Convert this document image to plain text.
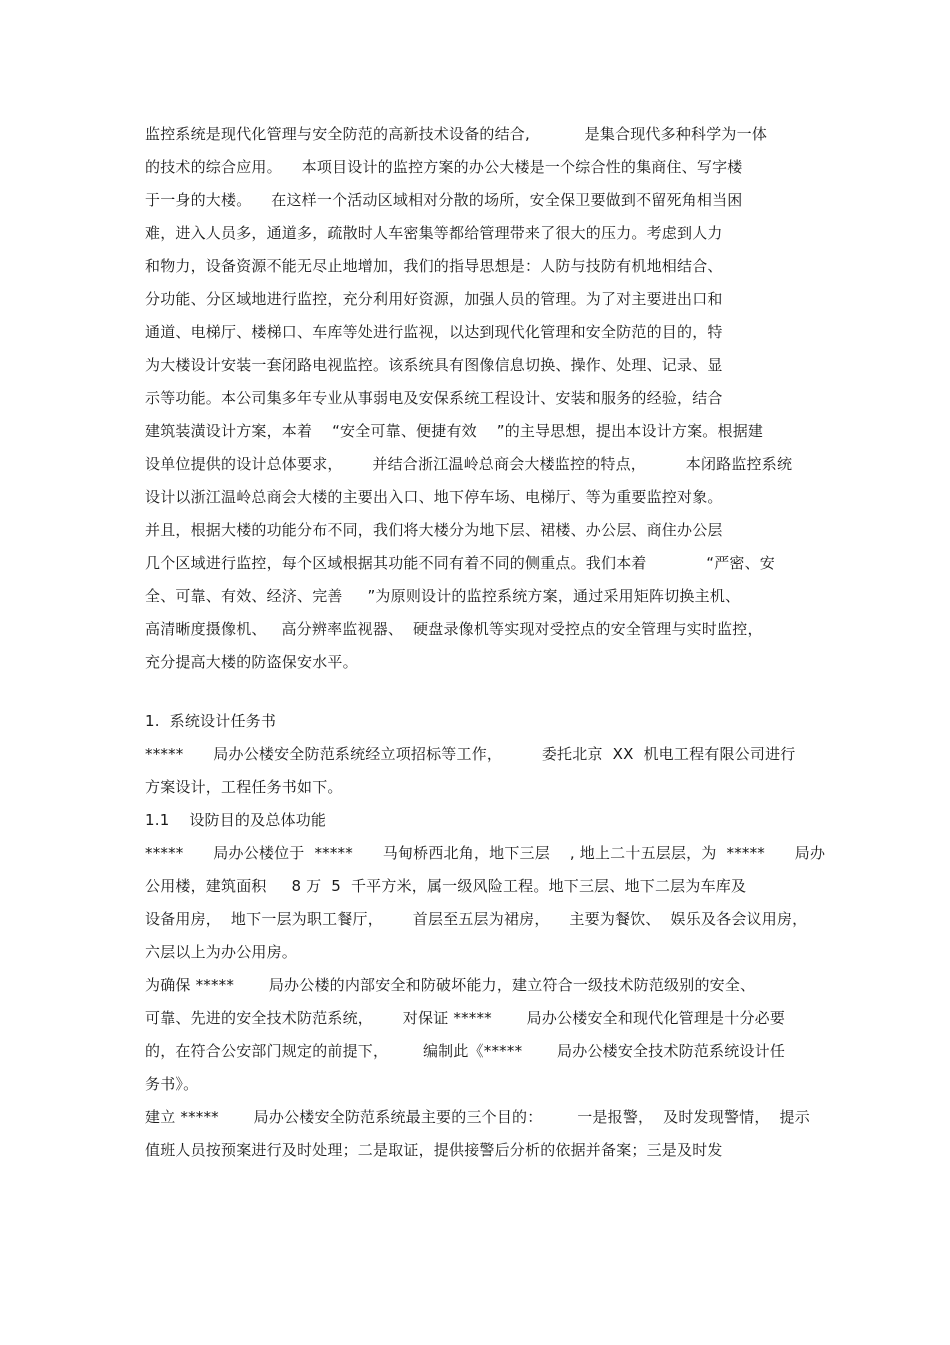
监控系统是现代化管理与安全防范的高新技术设备的结合,           是集合现代多种科学为一体
的技术的综合应用。    本项目设计的监控方案的办公大楼是一个综合性的集商住、写字楼
于一身的大楼。    在这样一个活动区域相对分散的场所，安全保卫要做到不留死角相当困
难，进入人员多，通道多，疏散时人车密集等都给管理带来了很大的压力。考虑到人力
和物力，设备资源不能无尽止地增加，我们的指导思想是：人防与技防有机地相结合、
分功能、分区域地进行监控，充分利用好资源，加强人员的管理。为了对主要进出口和
通道、电梯厅、楼梯口、车库等处进行监视，以达到现代化管理和安全防范的目的，特
为大楼设计安装一套闭路电视监控。该系统具有图像信息切换、操作、处理、记录、显
示等功能。本公司集多年专业从事弱电及安保系统工程设计、安装和服务的经验，结合
建筑装潢设计方案，本着    “安全可靠、便捷有效    ”的主导思想，提出本设计方案。根据建
设单位提供的设计总体要求，      并结合浙江温岭总商会大楼监控的特点，        本闭路监控系统
设计以浙江温岭总商会大楼的主要出入口、地下停车场、电梯厅、等为重要监控对象。
并且，根据大楼的功能分布不同，我们将大楼分为地下层、裙楼、办公层、商住办公层
几个区域进行监控，每个区域根据其功能不同有着不同的侧重点。我们本着            “严密、安
全、可靠、有效、经济、完善     ”为原则设计的监控系统方案，通过采用矩阵切换主机、
高清晰度摄像机、   高分辨率监视器、  硬盘录像机等实现对受控点的安全管理与实时监控，
充分提高大楼的防盗保安水平。
1.  系统设计任务书
*****      局办公楼安全防范系统经立项招标等工作，        委托北京  XX  机电工程有限公司进行
方案设计，工程任务书如下。
1.1    设防目的及总体功能
*****      局办公楼位于  *****      马甸桥西北角，地下三层    , 地上二十五层层，为  *****      局办
公用楼，建筑面积     8 万  5  千平方米，属一级风险工程。地下三层、地下二层为车库及
设备用房，  地下一层为职工餐厅，      首层至五层为裙房，    主要为餐饮、  娱乐及各会议用房，
六层以上为办公用房。
为确保 *****       局办公楼的内部安全和防破坏能力，建立符合一级技术防范级别的安全、
可靠、先进的安全技术防范系统，      对保证 *****       局办公楼安全和现代化管理是十分必要
的，在符合公安部门规定的前提下，       编制此《*****       局办公楼安全技术防范系统设计任
务书》。
建立 *****       局办公楼安全防范系统最主要的三个目的：       一是报警，  及时发现警情，  提示
值班人员按预案进行及时处理；二是取证，提供接警后分析的依据并备案；三是及时发
